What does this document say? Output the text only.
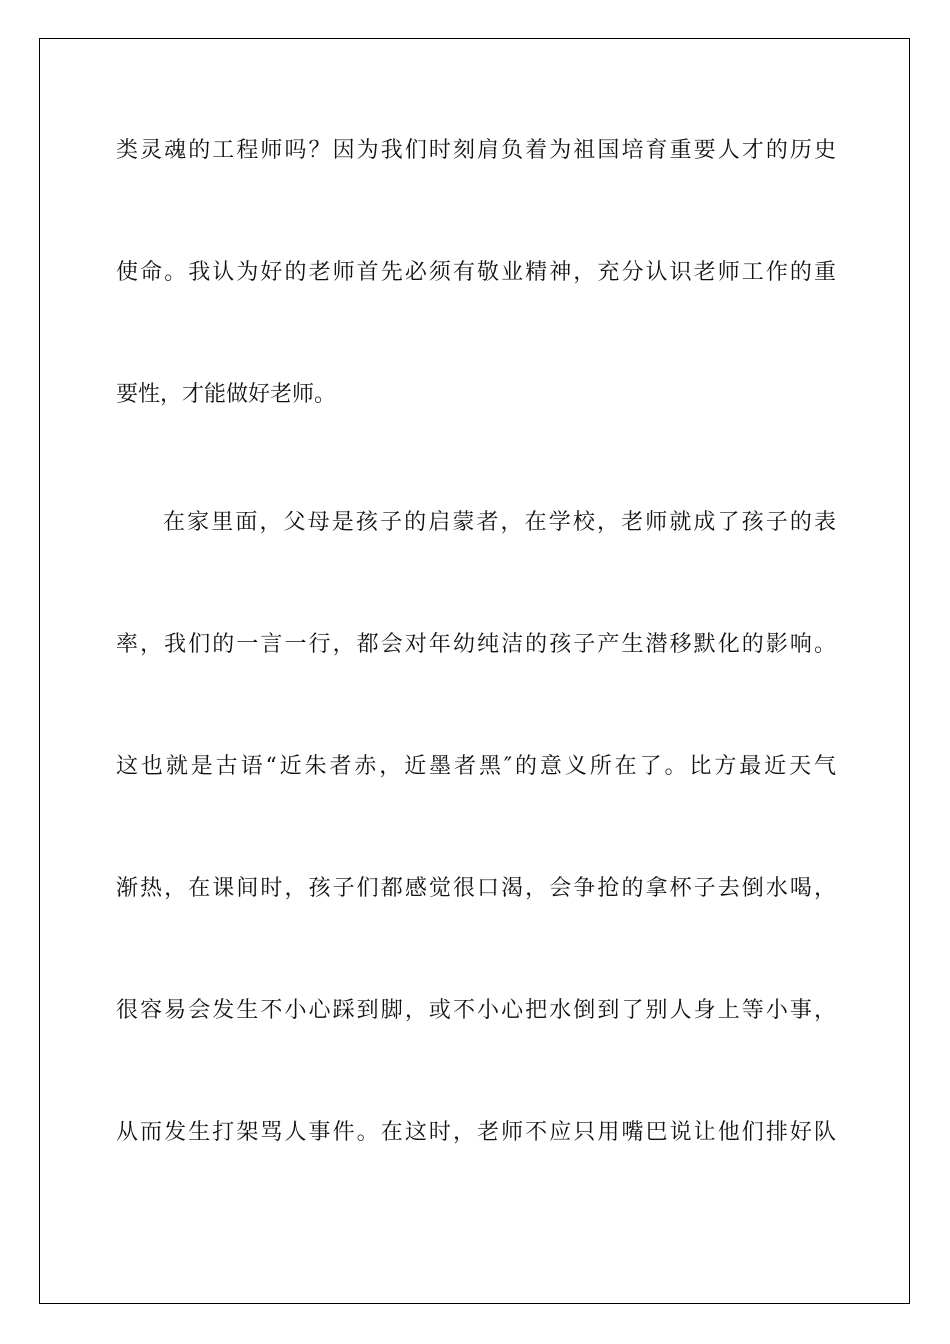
类灵魂的工程师吗？因为我们时刻肩负着为祖国培育重要人才的历史
使命。我认为好的老师首先必须有敬业精神，充分认识老师工作的重
要性，才能做好老师。
在家里面，父母是孩子的启蒙者，在学校，老师就成了孩子的表
率，我们的一言一行，都会对年幼纯洁的孩子产生潜移默化的影响。
这也就是古语“近朱者赤，近墨者黑″的意义所在了。比方最近天气
渐热，在课间时，孩子们都感觉很口渴，会争抢的拿杯子去倒水喝，
很容易会发生不小心踩到脚，或不小心把水倒到了别人身上等小事，
从而发生打架骂人事件。在这时，老师不应只用嘴巴说让他们排好队
